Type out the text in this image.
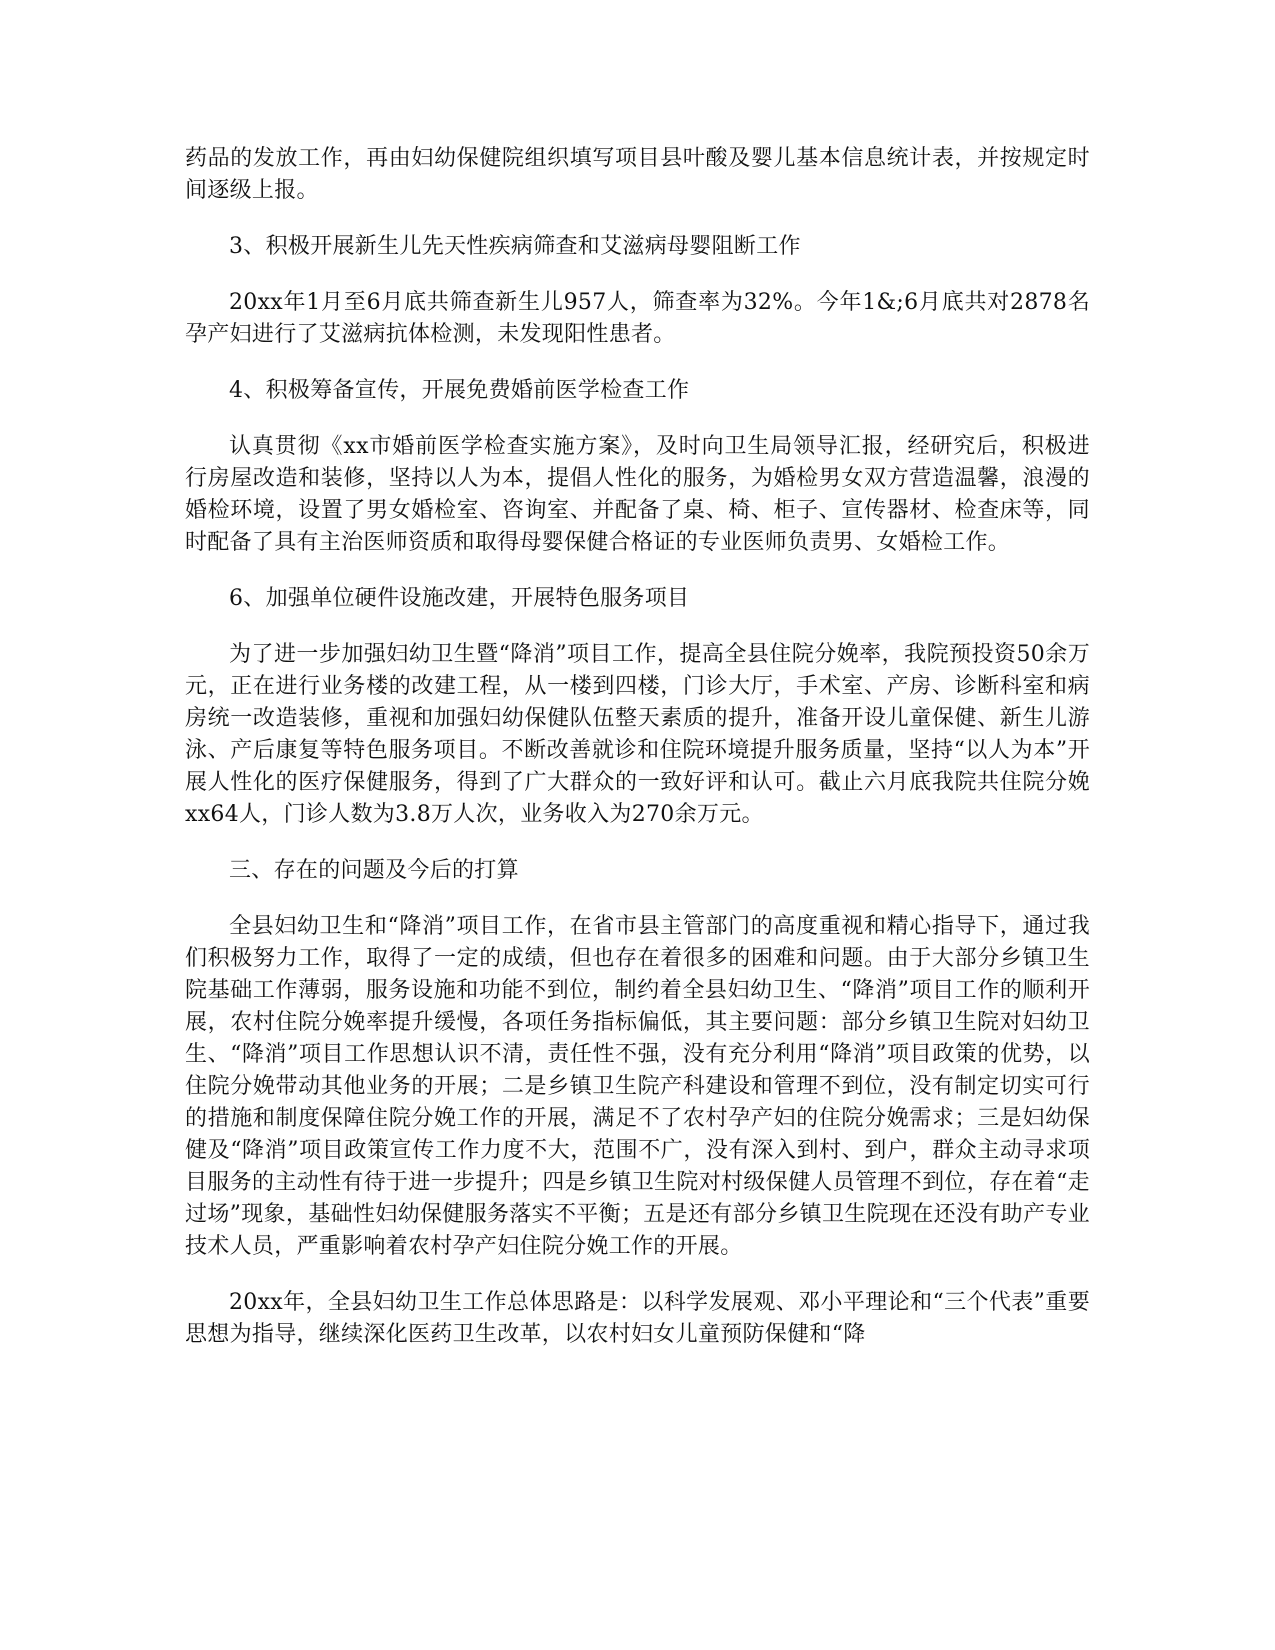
药品的发放工作，再由妇幼保健院组织填写项目县叶酸及婴儿基本信息统计表，并按规定时间逐级上报。

3、积极开展新生儿先天性疾病筛查和艾滋病母婴阻断工作

20xx年1月至6月底共筛查新生儿957人，筛查率为32%。今年1&;6月底共对2878名孕产妇进行了艾滋病抗体检测，未发现阳性患者。

4、积极筹备宣传，开展免费婚前医学检查工作

认真贯彻《xx市婚前医学检查实施方案》，及时向卫生局领导汇报，经研究后，积极进行房屋改造和装修，坚持以人为本，提倡人性化的服务，为婚检男女双方营造温馨，浪漫的婚检环境，设置了男女婚检室、咨询室、并配备了桌、椅、柜子、宣传器材、检查床等，同时配备了具有主治医师资质和取得母婴保健合格证的专业医师负责男、女婚检工作。

6、加强单位硬件设施改建，开展特色服务项目

为了进一步加强妇幼卫生暨“降消”项目工作，提高全县住院分娩率，我院预投资50余万元，正在进行业务楼的改建工程，从一楼到四楼，门诊大厅，手术室、产房、诊断科室和病房统一改造装修，重视和加强妇幼保健队伍整天素质的提升，准备开设儿童保健、新生儿游泳、产后康复等特色服务项目。不断改善就诊和住院环境提升服务质量，坚持“以人为本”开展人性化的医疗保健服务，得到了广大群众的一致好评和认可。截止六月底我院共住院分娩xx64人，门诊人数为3.8万人次，业务收入为270余万元。

三、存在的问题及今后的打算

全县妇幼卫生和“降消”项目工作，在省市县主管部门的高度重视和精心指导下，通过我们积极努力工作，取得了一定的成绩，但也存在着很多的困难和问题。由于大部分乡镇卫生院基础工作薄弱，服务设施和功能不到位，制约着全县妇幼卫生、“降消”项目工作的顺利开展，农村住院分娩率提升缓慢，各项任务指标偏低，其主要问题：部分乡镇卫生院对妇幼卫生、“降消”项目工作思想认识不清，责任性不强，没有充分利用“降消”项目政策的优势，以住院分娩带动其他业务的开展；二是乡镇卫生院产科建设和管理不到位，没有制定切实可行的措施和制度保障住院分娩工作的开展，满足不了农村孕产妇的住院分娩需求；三是妇幼保健及“降消”项目政策宣传工作力度不大，范围不广，没有深入到村、到户，群众主动寻求项目服务的主动性有待于进一步提升；四是乡镇卫生院对村级保健人员管理不到位，存在着“走过场”现象，基础性妇幼保健服务落实不平衡；五是还有部分乡镇卫生院现在还没有助产专业技术人员，严重影响着农村孕产妇住院分娩工作的开展。

20xx年，全县妇幼卫生工作总体思路是：以科学发展观、邓小平理论和“三个代表”重要思想为指导，继续深化医药卫生改革，以农村妇女儿童预防保健和“降
